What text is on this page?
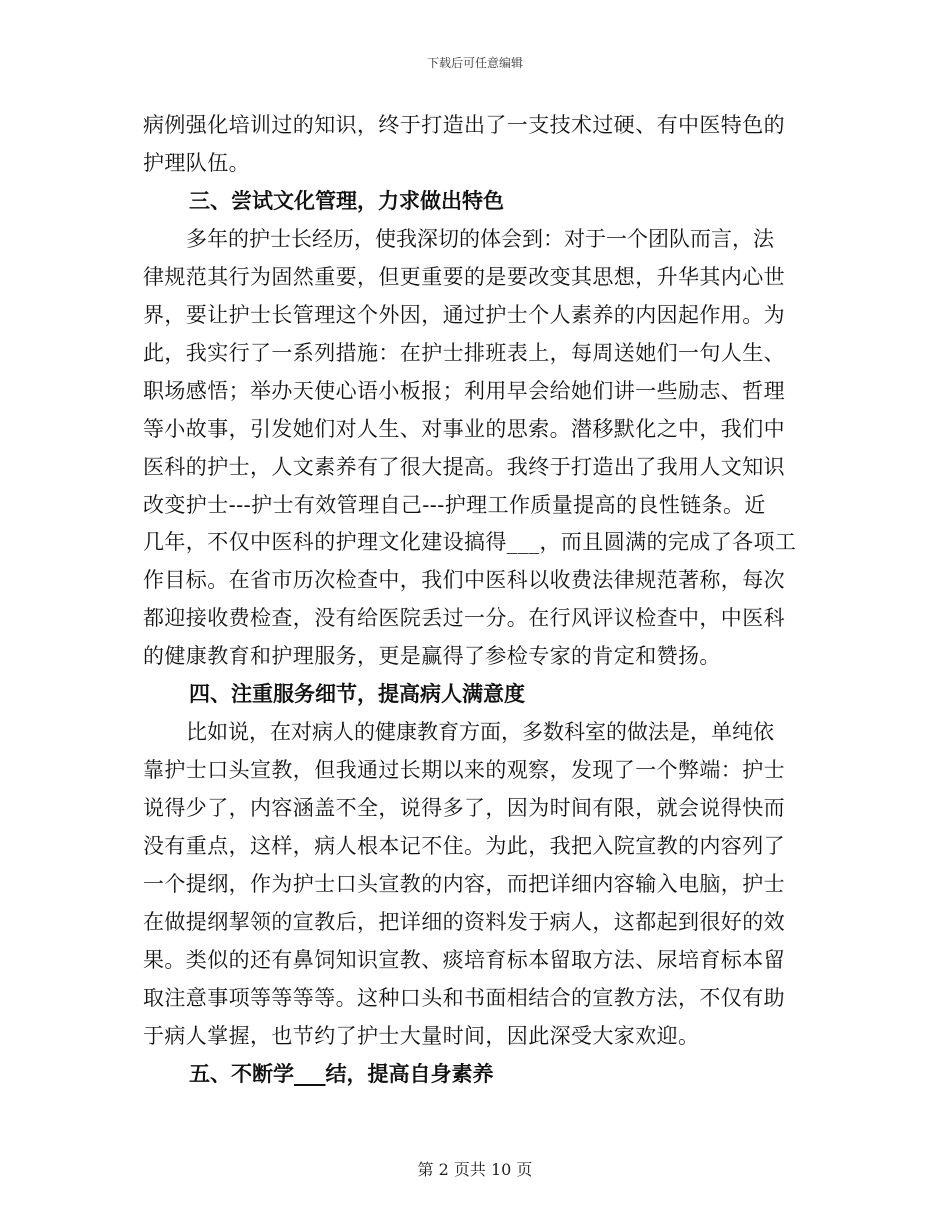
下载后可任意编辑
病例强化培训过的知识，终于打造出了一支技术过硬、有中医特色的
护理队伍。
三、尝试文化管理，力求做出特色
多年的护士长经历，使我深切的体会到：对于一个团队而言，法
律规范其行为固然重要，但更重要的是要改变其思想，升华其内心世
界，要让护士长管理这个外因，通过护士个人素养的内因起作用。为
此，我实行了一系列措施：在护士排班表上，每周送她们一句人生、
职场感悟；举办天使心语小板报；利用早会给她们讲一些励志、哲理
等小故事，引发她们对人生、对事业的思索。潜移默化之中，我们中
医科的护士，人文素养有了很大提高。我终于打造出了我用人文知识
改变护士---护士有效管理自己---护理工作质量提高的良性链条。近
几年，不仅中医科的护理文化建设搞得___，而且圆满的完成了各项工
作目标。在省市历次检查中，我们中医科以收费法律规范著称，每次
都迎接收费检查，没有给医院丢过一分。在行风评议检查中，中医科
的健康教育和护理服务，更是赢得了参检专家的肯定和赞扬。
四、注重服务细节，提高病人满意度
比如说，在对病人的健康教育方面，多数科室的做法是，单纯依
靠护士口头宣教，但我通过长期以来的观察，发现了一个弊端：护士
说得少了，内容涵盖不全，说得多了，因为时间有限，就会说得快而
没有重点，这样，病人根本记不住。为此，我把入院宣教的内容列了
一个提纲，作为护士口头宣教的内容，而把详细内容输入电脑，护士
在做提纲挈领的宣教后，把详细的资料发于病人，这都起到很好的效
果。类似的还有鼻饲知识宣教、痰培育标本留取方法、尿培育标本留
取注意事项等等等等。这种口头和书面相结合的宣教方法，不仅有助
于病人掌握，也节约了护士大量时间，因此深受大家欢迎。
五、不断学___结，提高自身素养
第 2 页共 10 页
